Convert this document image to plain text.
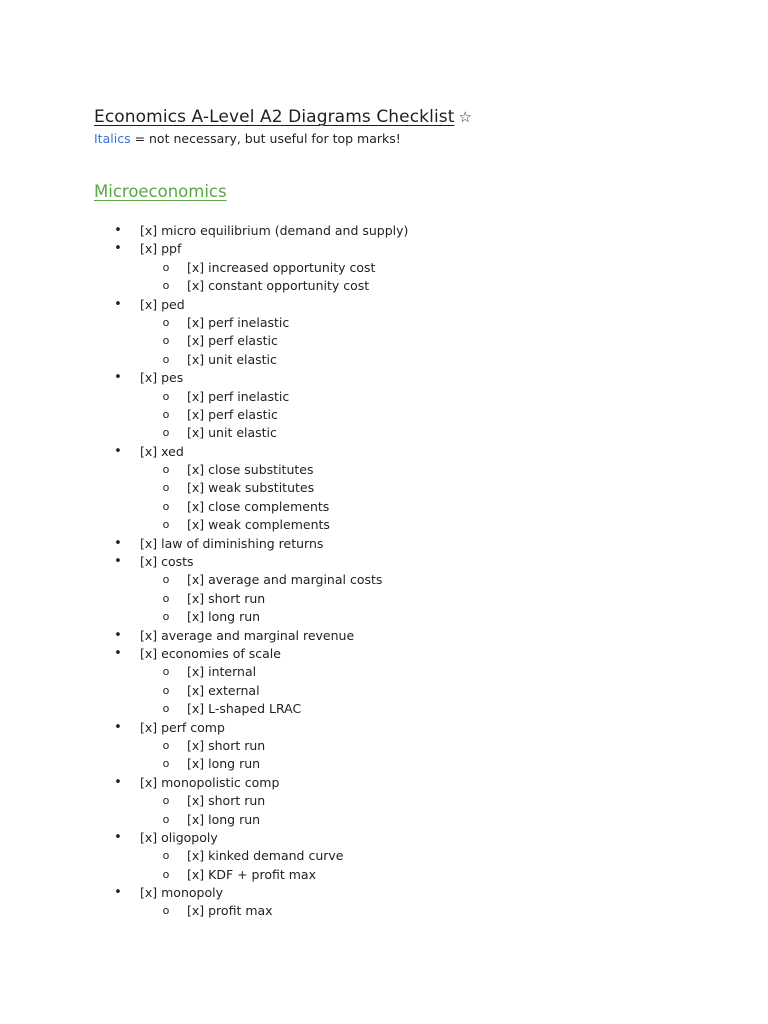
Economics A-Level A2 Diagrams Checklist ☆
Italics = not necessary, but useful for top marks!
Microeconomics
• [x] micro equilibrium (demand and supply)
• [x] ppf
o [x] increased opportunity cost
o [x] constant opportunity cost
• [x] ped
o [x] perf inelastic
o [x] perf elastic
o [x] unit elastic
• [x] pes
o [x] perf inelastic
o [x] perf elastic
o [x] unit elastic
• [x] xed
o [x] close substitutes
o [x] weak substitutes
o [x] close complements
o [x] weak complements
• [x] law of diminishing returns
• [x] costs
o [x] average and marginal costs
o [x] short run
o [x] long run
• [x] average and marginal revenue
• [x] economies of scale
o [x] internal
o [x] external
o [x] L-shaped LRAC
• [x] perf comp
o [x] short run
o [x] long run
• [x] monopolistic comp
o [x] short run
o [x] long run
• [x] oligopoly
o [x] kinked demand curve
o [x] KDF + profit max
• [x] monopoly
o [x] profit max
